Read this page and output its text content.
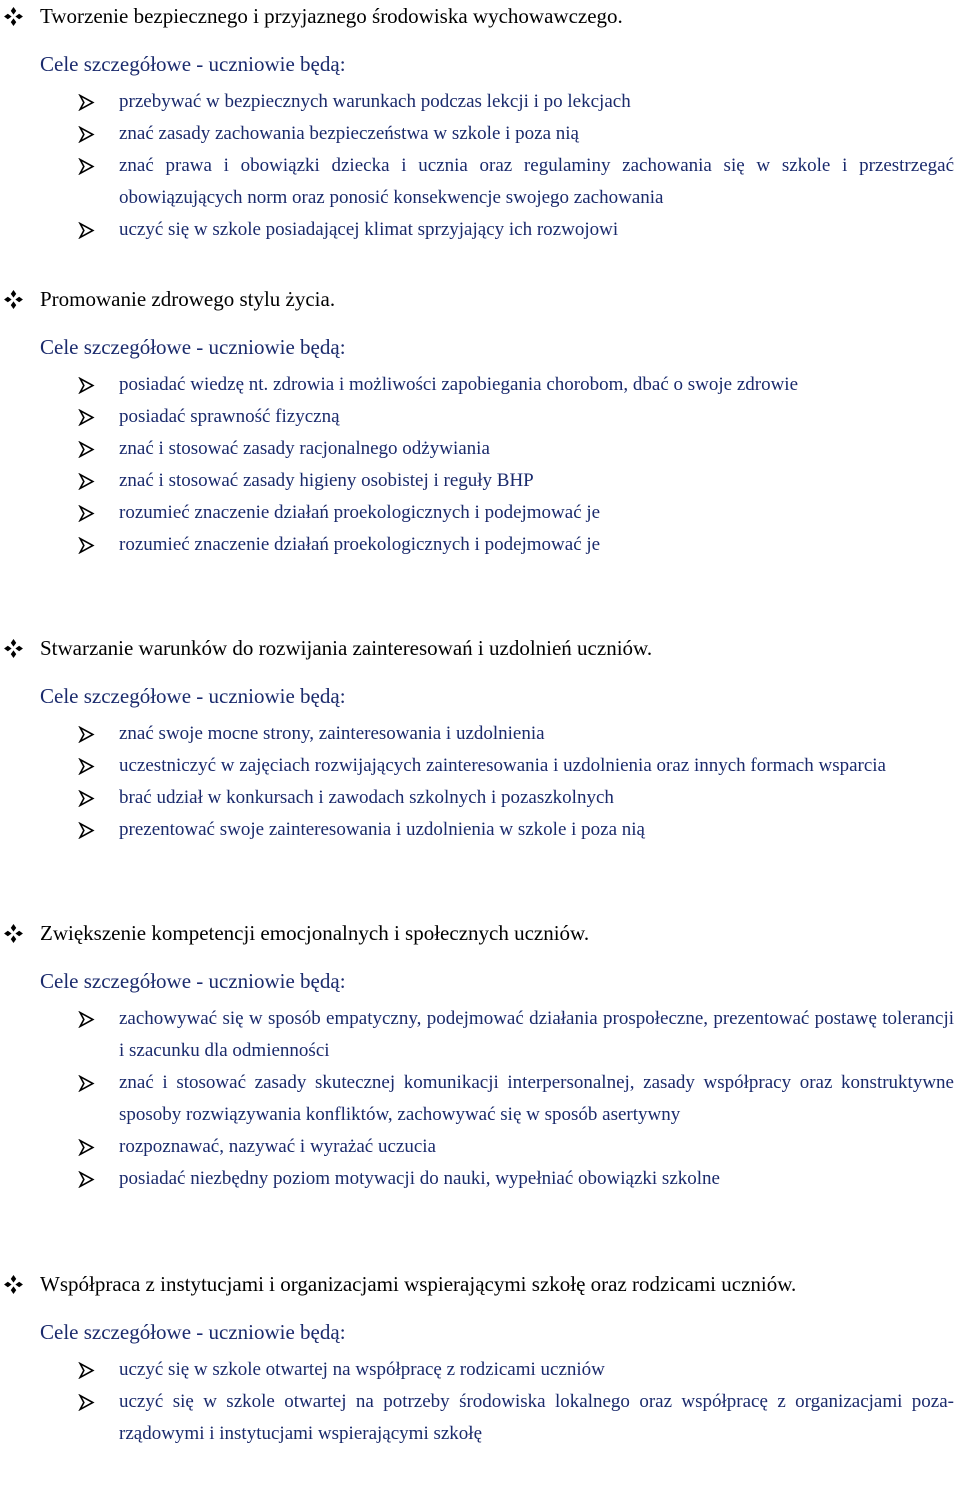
Tworzenie bezpiecznego i przyjaznego środowiska wychowawczego.
Cele szczegółowe - uczniowie będą:
przebywać w bezpiecznych warunkach podczas lekcji i po lekcjach
znać zasady zachowania bezpieczeństwa w szkole i poza nią
znać prawa i obowiązki dziecka i ucznia oraz regulaminy zachowania się w szkole i przestrzegać obowiązujących norm oraz ponosić konsekwencje swojego zachowania
uczyć się w szkole posiadającej klimat sprzyjający ich rozwojowi
Promowanie zdrowego stylu życia.
Cele szczegółowe - uczniowie będą:
posiadać wiedzę nt. zdrowia i możliwości zapobiegania chorobom, dbać o swoje zdrowie
posiadać sprawność fizyczną
znać i stosować zasady racjonalnego odżywiania
znać i stosować zasady higieny osobistej i reguły BHP
rozumieć znaczenie działań proekologicznych i podejmować je
rozumieć znaczenie działań proekologicznych i podejmować je
Stwarzanie warunków do rozwijania zainteresowań i uzdolnień uczniów.
Cele szczegółowe - uczniowie będą:
znać swoje mocne strony, zainteresowania i uzdolnienia
uczestniczyć w zajęciach rozwijających zainteresowania i uzdolnienia oraz innych formach wsparcia
brać udział w konkursach i zawodach szkolnych i pozaszkolnych
prezentować swoje zainteresowania i uzdolnienia w szkole i poza nią
Zwiększenie kompetencji emocjonalnych i społecznych uczniów.
Cele szczegółowe - uczniowie będą:
zachowywać się w sposób empatyczny, podejmować działania prospołeczne, prezentować postawę tolerancji i szacunku dla odmienności
znać i stosować zasady skutecznej komunikacji interpersonalnej, zasady współpracy oraz konstruktywne sposoby rozwiązywania konfliktów, zachowywać się w sposób asertywny
rozpoznawać, nazywać i wyrażać uczucia
posiadać niezbędny poziom motywacji do nauki, wypełniać obowiązki szkolne
Współpraca z instytucjami i organizacjami wspierającymi szkołę oraz rodzicami uczniów.
Cele szczegółowe - uczniowie będą:
uczyć się w szkole otwartej na współpracę z rodzicami uczniów
uczyć się w szkole otwartej na potrzeby środowiska lokalnego oraz współpracę z organizacjami poza-rządowymi i instytucjami wspierającymi szkołę
